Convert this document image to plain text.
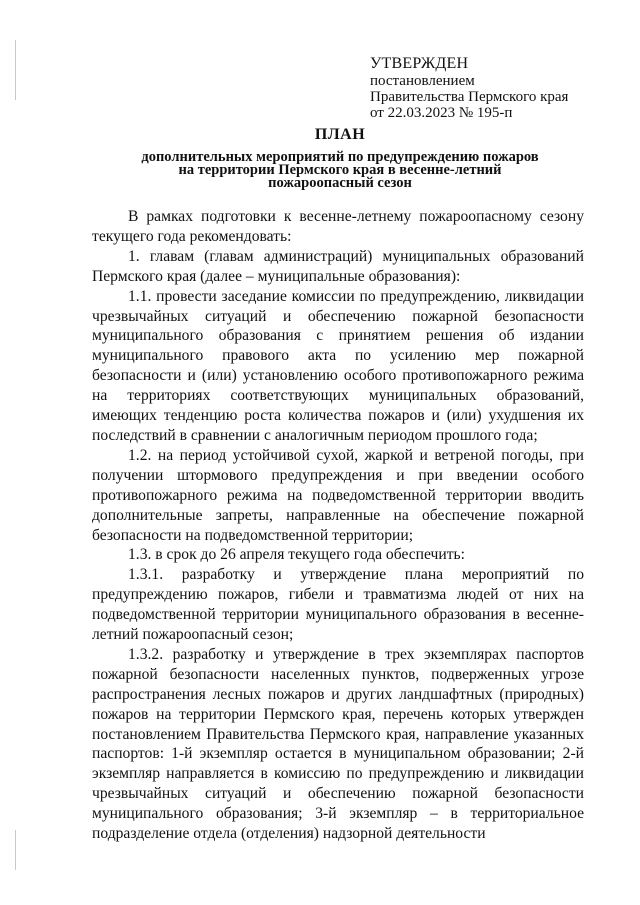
УТВЕРЖДЕН
постановлением
Правительства Пермского края
от 22.03.2023 № 195-п
ПЛАН
дополнительных мероприятий по предупреждению пожаров
на территории Пермского края в весенне-летний
пожароопасный сезон

В рамках подготовки к весенне-летнему пожароопасному сезону текущего года рекомендовать:

1. главам (главам администраций) муниципальных образований Пермского края (далее – муниципальные образования):

1.1. провести заседание комиссии по предупреждению, ликвидации чрезвычайных ситуаций и обеспечению пожарной безопасности муниципального образования с принятием решения об издании муниципального правового акта по усилению мер пожарной безопасности и (или) установлению особого противопожарного режима на территориях соответствующих муниципальных образований, имеющих тенденцию роста количества пожаров и (или) ухудшения их последствий в сравнении с аналогичным периодом прошлого года;

1.2. на период устойчивой сухой, жаркой и ветреной погоды, при получении штормового предупреждения и при введении особого противопожарного режима на подведомственной территории вводить дополнительные запреты, направленные на обеспечение пожарной безопасности на подведомственной территории;

1.3. в срок до 26 апреля текущего года обеспечить:

1.3.1. разработку и утверждение плана мероприятий по предупреждению пожаров, гибели и травматизма людей от них на подведомственной территории муниципального образования в весенне-летний пожароопасный сезон;

1.3.2. разработку и утверждение в трех экземплярах паспортов пожарной безопасности населенных пунктов, подверженных угрозе распространения лесных пожаров и других ландшафтных (природных) пожаров на территории Пермского края, перечень которых утвержден постановлением Правительства Пермского края, направление указанных паспортов: 1-й экземпляр остается в муниципальном образовании; 2-й экземпляр направляется в комиссию по предупреждению и ликвидации чрезвычайных ситуаций и обеспечению пожарной безопасности муниципального образования; 3-й экземпляр – в территориальное подразделение отдела (отделения) надзорной деятельности
